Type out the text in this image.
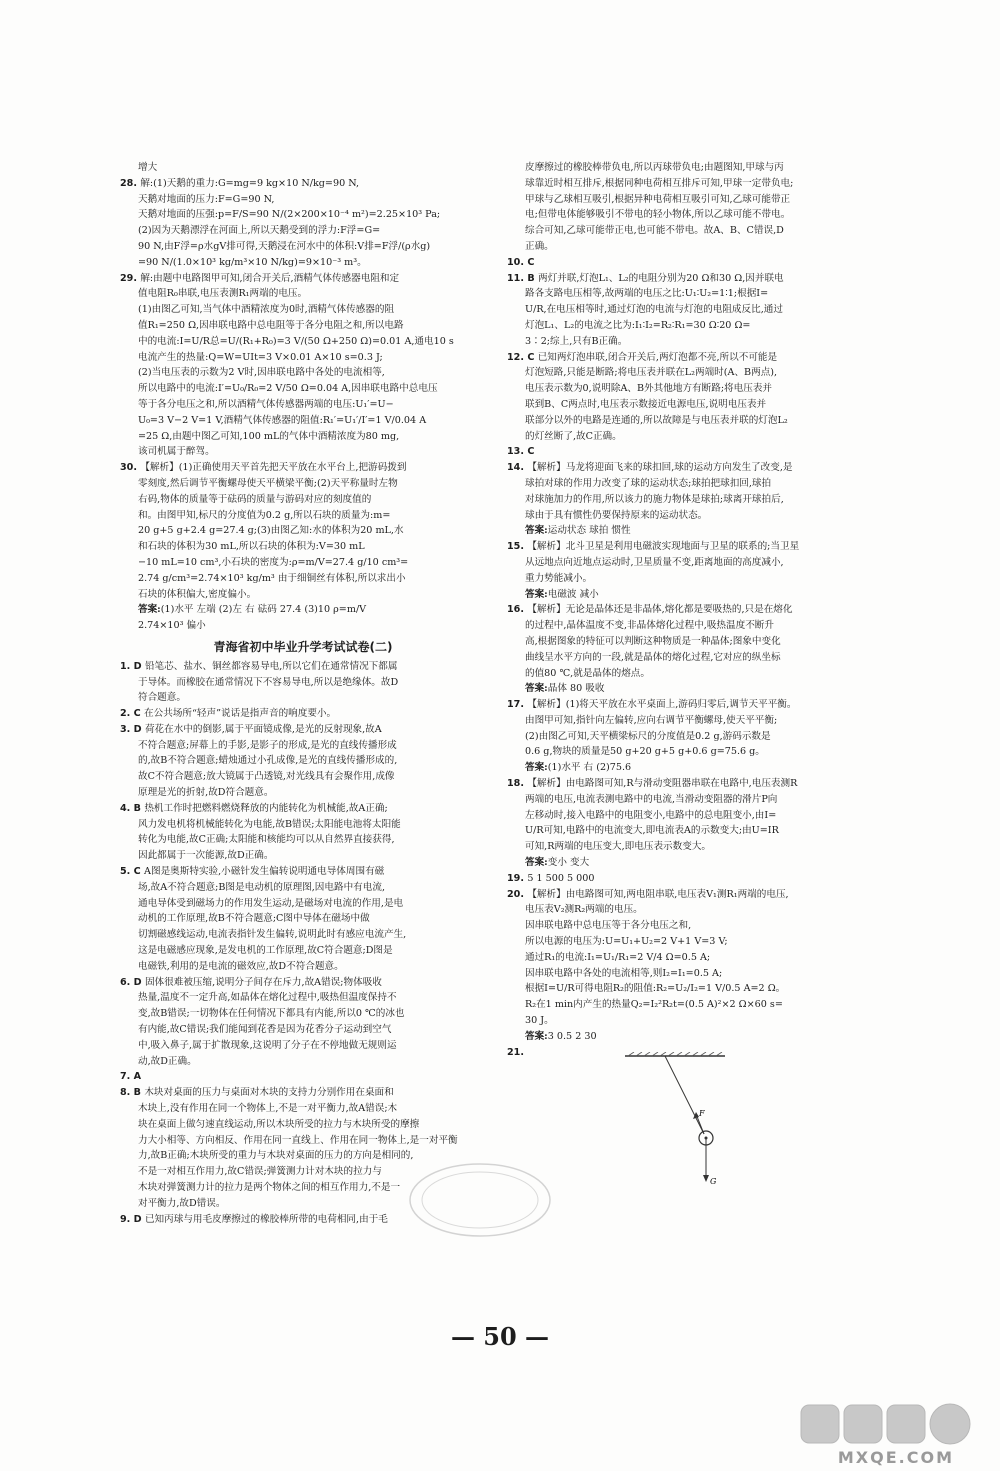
增大
28. 解:(1)天鹅的重力:G=mg=9 kg×10 N/kg=90 N,
天鹅对地面的压力:F=G=90 N,
天鹅对地面的压强:p=F/S=90 N/(2×200×10⁻⁴ m²)=2.25×10³ Pa;
(2)因为天鹅漂浮在河面上,所以天鹅受到的浮力:F浮=G=
90 N,由F浮=ρ水gV排可得,天鹅浸在河水中的体积:V排=F浮/(ρ水g)
=90 N/(1.0×10³ kg/m³×10 N/kg)=9×10⁻³ m³。
29. 解:由题中电路图甲可知,闭合开关后,酒精气体传感器电阻和定
值电阻R₀串联,电压表测R₁两端的电压。
(1)由图乙可知,当气体中酒精浓度为0时,酒精气体传感器的阻
值R₁=250 Ω,因串联电路中总电阻等于各分电阻之和,所以电路
中的电流:I=U/R总=U/(R₁+R₀)=3 V/(50 Ω+250 Ω)=0.01 A,通电10 s
电流产生的热量:Q=W=UIt=3 V×0.01 A×10 s=0.3 J;
(2)当电压表的示数为2 V时,因串联电路中各处的电流相等,
所以电路中的电流:I′=U₀/R₀=2 V/50 Ω=0.04 A,因串联电路中总电压
等于各分电压之和,所以酒精气体传感器两端的电压:U₁′=U−
U₀=3 V−2 V=1 V,酒精气体传感器的阻值:R₁′=U₁′/I′=1 V/0.04 A
=25 Ω,由题中图乙可知,100 mL的气体中酒精浓度为80 mg,
该司机属于醉驾。
30. 【解析】(1)正确使用天平首先把天平放在水平台上,把游码拨到
零刻度,然后调节平衡螺母使天平横梁平衡;(2)天平称量时左物
右码,物体的质量等于砝码的质量与游码对应的刻度值的
和。由图甲知,标尺的分度值为0.2 g,所以石块的质量为:m=
20 g+5 g+2.4 g=27.4 g;(3)由图乙知:水的体积为20 mL,水
和石块的体积为30 mL,所以石块的体积为:V=30 mL
−10 mL=10 cm³,小石块的密度为:ρ=m/V=27.4 g/10 cm³=
2.74 g/cm³=2.74×10³ kg/m³ 由于细铜丝有体积,所以求出小
石块的体积偏大,密度偏小。
答案:(1)水平 左端 (2)左 右 砝码 27.4 (3)10 ρ=m/V
2.74×10³ 偏小
青海省初中毕业升学考试试卷(二)
1. D 铅笔芯、盐水、铜丝都容易导电,所以它们在通常情况下都属
于导体。而橡胶在通常情况下不容易导电,所以是绝缘体。故D
符合题意。
2. C 在公共场所“轻声”说话是指声音的响度要小。
3. D 荷花在水中的倒影,属于平面镜成像,是光的反射现象,故A
不符合题意;屏幕上的手影,是影子的形成,是光的直线传播形成
的,故B不符合题意;蜡烛通过小孔成像,是光的直线传播形成的,
故C不符合题意;放大镜属于凸透镜,对光线具有会聚作用,成像
原理是光的折射,故D符合题意。
4. B 热机工作时把燃料燃烧释放的内能转化为机械能,故A正确;
风力发电机将机械能转化为电能,故B错误;太阳能电池将太阳能
转化为电能,故C正确;太阳能和核能均可以从自然界直接获得,
因此都属于一次能源,故D正确。
5. C A图是奥斯特实验,小磁针发生偏转说明通电导体周围有磁
场,故A不符合题意;B图是电动机的原理图,因电路中有电流,
通电导体受到磁场力的作用发生运动,是磁场对电流的作用,是电
动机的工作原理,故B不符合题意;C图中导体在磁场中做
切割磁感线运动,电流表指针发生偏转,说明此时有感应电流产生,
这是电磁感应现象,是发电机的工作原理,故C符合题意;D图是
电磁铁,利用的是电流的磁效应,故D不符合题意。
6. D 固体很难被压缩,说明分子间存在斥力,故A错误;物体吸收
热量,温度不一定升高,如晶体在熔化过程中,吸热但温度保持不
变,故B错误;一切物体在任何情况下都具有内能,所以0 ℃的冰也
有内能,故C错误;我们能闻到花香是因为花香分子运动到空气
中,吸入鼻子,属于扩散现象,这说明了分子在不停地做无规则运
动,故D正确。
7. A
8. B 木块对桌面的压力与桌面对木块的支持力分别作用在桌面和
木块上,没有作用在同一个物体上,不是一对平衡力,故A错误;木
块在桌面上做匀速直线运动,所以木块所受的拉力与木块所受的摩擦
力大小相等、方向相反、作用在同一直线上、作用在同一物体上,是一对平衡
力,故B正确;木块所受的重力与木块对桌面的压力的方向是相同的,
不是一对相互作用力,故C错误;弹簧测力计对木块的拉力与
木块对弹簧测力计的拉力是两个物体之间的相互作用力,不是一
对平衡力,故D错误。
9. D 已知丙球与用毛皮摩擦过的橡胶棒所带的电荷相同,由于毛
皮摩擦过的橡胶棒带负电,所以丙球带负电;由题图知,甲球与丙
球靠近时相互排斥,根据同种电荷相互排斥可知,甲球一定带负电;
甲球与乙球相互吸引,根据异种电荷相互吸引可知,乙球可能带正
电;但带电体能够吸引不带电的轻小物体,所以乙球可能不带电。
综合可知,乙球可能带正电,也可能不带电。故A、B、C错误,D
正确。
10. C
11. B 两灯并联,灯泡L₁、L₂的电阻分别为20 Ω和30 Ω,因并联电
路各支路电压相等,故两端的电压之比:U₁∶U₂=1∶1;根据I=
U/R,在电压相等时,通过灯泡的电流与灯泡的电阻成反比,通过
灯泡L₁、L₂的电流之比为:I₁∶I₂=R₂∶R₁=30 Ω∶20 Ω=
3∶2;综上,只有B正确。
12. C 已知两灯泡串联,闭合开关后,两灯泡都不亮,所以不可能是
灯泡短路,只能是断路;将电压表并联在L₂两端时(A、B两点),
电压表示数为0,说明除A、B外其他地方有断路;将电压表并
联到B、C两点时,电压表示数接近电源电压,说明电压表并
联部分以外的电路是连通的,所以故障是与电压表并联的灯泡L₂
的灯丝断了,故C正确。
13. C
14. 【解析】马龙将迎面飞来的球扣回,球的运动方向发生了改变,是
球拍对球的作用力改变了球的运动状态;球拍把球扣回,球拍
对球施加力的作用,所以该力的施力物体是球拍;球离开球拍后,
球由于具有惯性仍要保持原来的运动状态。
答案:运动状态 球拍 惯性
15. 【解析】北斗卫星是利用电磁波实现地面与卫星的联系的;当卫星
从远地点向近地点运动时,卫星质量不变,距离地面的高度减小,
重力势能减小。
答案:电磁波 减小
16. 【解析】无论是晶体还是非晶体,熔化都是要吸热的,只是在熔化
的过程中,晶体温度不变,非晶体熔化过程中,吸热温度不断升
高,根据图象的特征可以判断这种物质是一种晶体;图象中变化
曲线呈水平方向的一段,就是晶体的熔化过程,它对应的纵坐标
的值80 ℃,就是晶体的熔点。
答案:晶体 80 吸收
17. 【解析】(1)将天平放在水平桌面上,游码归零后,调节天平平衡。
由图甲可知,指针向左偏转,应向右调节平衡螺母,使天平平衡;
(2)由图乙可知,天平横梁标尺的分度值是0.2 g,游码示数是
0.6 g,物块的质量是50 g+20 g+5 g+0.6 g=75.6 g。
答案:(1)水平 右 (2)75.6
18. 【解析】由电路图可知,R与滑动变阻器串联在电路中,电压表测R
两端的电压,电流表测电路中的电流,当滑动变阻器的滑片P向
左移动时,接入电路中的电阻变小,电路中的总电阻变小,由I=
U/R可知,电路中的电流变大,即电流表A的示数变大;由U=IR
可知,R两端的电压变大,即电压表示数变大。
答案:变小 变大
19. 5 1 500 5 000
20. 【解析】由电路图可知,两电阻串联,电压表V₁测R₁两端的电压,
电压表V₂测R₂两端的电压。
因串联电路中总电压等于各分电压之和,
所以电源的电压为:U=U₁+U₂=2 V+1 V=3 V;
通过R₁的电流:I₁=U₁/R₁=2 V/4 Ω=0.5 A;
因串联电路中各处的电流相等,则I₂=I₁=0.5 A;
根据I=U/R可得电阻R₂的阻值:R₂=U₂/I₂=1 V/0.5 A=2 Ω。
R₂在1 min内产生的热量Q₂=I₂²R₂t=(0.5 A)²×2 Ω×60 s=
30 J。
答案:3 0.5 2 30
21.
F
G
— 50 —
MXQE.COM
